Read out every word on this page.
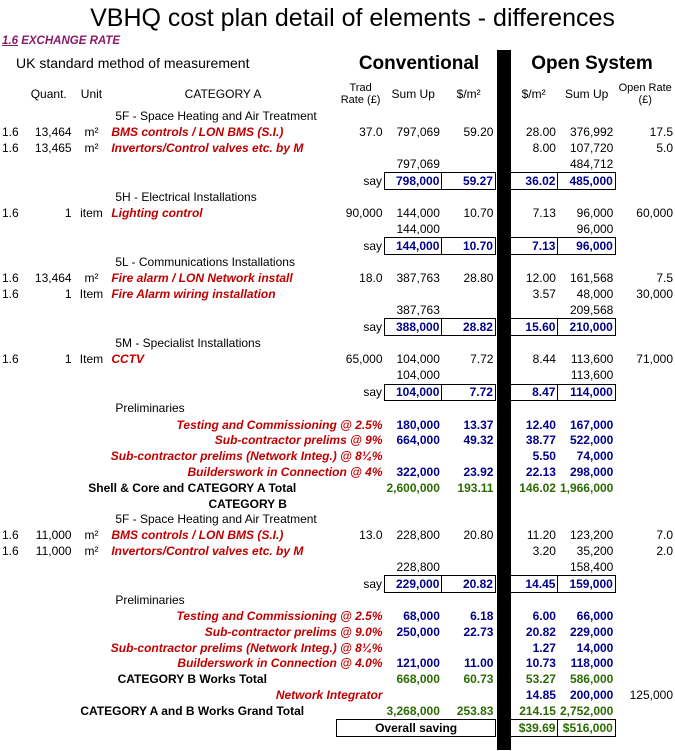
VBHQ cost plan detail of elements - differences
1.6 EXCHANGE RATE
UK standard method of measurement	Conventional	Open System
	Quant.	Unit	CATEGORY A	Trad Rate (£)	Sum Up	$/m²		$/m²	Sum Up	Open Rate (£)
			5F - Space Heating and Air Treatment							
1.6	13,464	m²	BMS controls / LON BMS (S.I.)	37.0	797,069	59.20		28.00	376,992	17.5
1.6	13,465	m²	Invertors/Control valves etc. by M					8.00	107,720	5.0
					797,069				484,712	
				say	798,000	59.27		36.02	485,000	
			5H - Electrical Installations							
1.6	1	item	Lighting control	90,000	144,000	10.70		7.13	96,000	60,000
					144,000				96,000	
				say	144,000	10.70		7.13	96,000	
			5L - Communications Installations							
1.6	13,464	m²	Fire alarm / LON Network install	18.0	387,763	28.80		12.00	161,568	7.5
1.6	1	Item	Fire Alarm wiring installation					3.57	48,000	30,000
					387,763				209,568	
				say	388,000	28.82		15.60	210,000	
			5M - Specialist Installations							
1.6	1	Item	CCTV	65,000	104,000	7.72		8.44	113,600	71,000
					104,000				113,600	
				say	104,000	7.72		8.47	114,000	
			Preliminaries							
Testing and Commissioning @ 2.5%					180,000	13.37		12.40	167,000	
Sub-contractor prelims @ 9%					664,000	49.32		38.77	522,000	
Sub-contractor prelims (Network Integ.) @ 8¼%								5.50	74,000	
Builderswork in Connection @ 4%					322,000	23.92		22.13	298,000	
Shell & Core and CATEGORY A Total					2,600,000	193.11		146.02	1,966,000	
CATEGORY B										
			5F - Space Heating and Air Treatment							
1.6	11,000	m²	BMS controls / LON BMS (S.I.)	13.0	228,800	20.80		11.20	123,200	7.0
1.6	11,000	m²	Invertors/Control valves etc. by M					3.20	35,200	2.0
					228,800				158,400	
				say	229,000	20.82		14.45	159,000	
			Preliminaries							
Testing and Commissioning @ 2.5%					68,000	6.18		6.00	66,000	
Sub-contractor prelims @ 9.0%					250,000	22.73		20.82	229,000	
Sub-contractor prelims (Network Integ.) @ 8¼%								1.27	14,000	
Builderswork in Connection @ 4.0%					121,000	11.00		10.73	118,000	
CATEGORY B Works Total					668,000	60.73		53.27	586,000	
Network Integrator								14.85	200,000	125,000
CATEGORY A and B Works Grand Total					3,268,000	253.83		214.15	2,752,000	
				Overall saving				$39.69	$516,000	
